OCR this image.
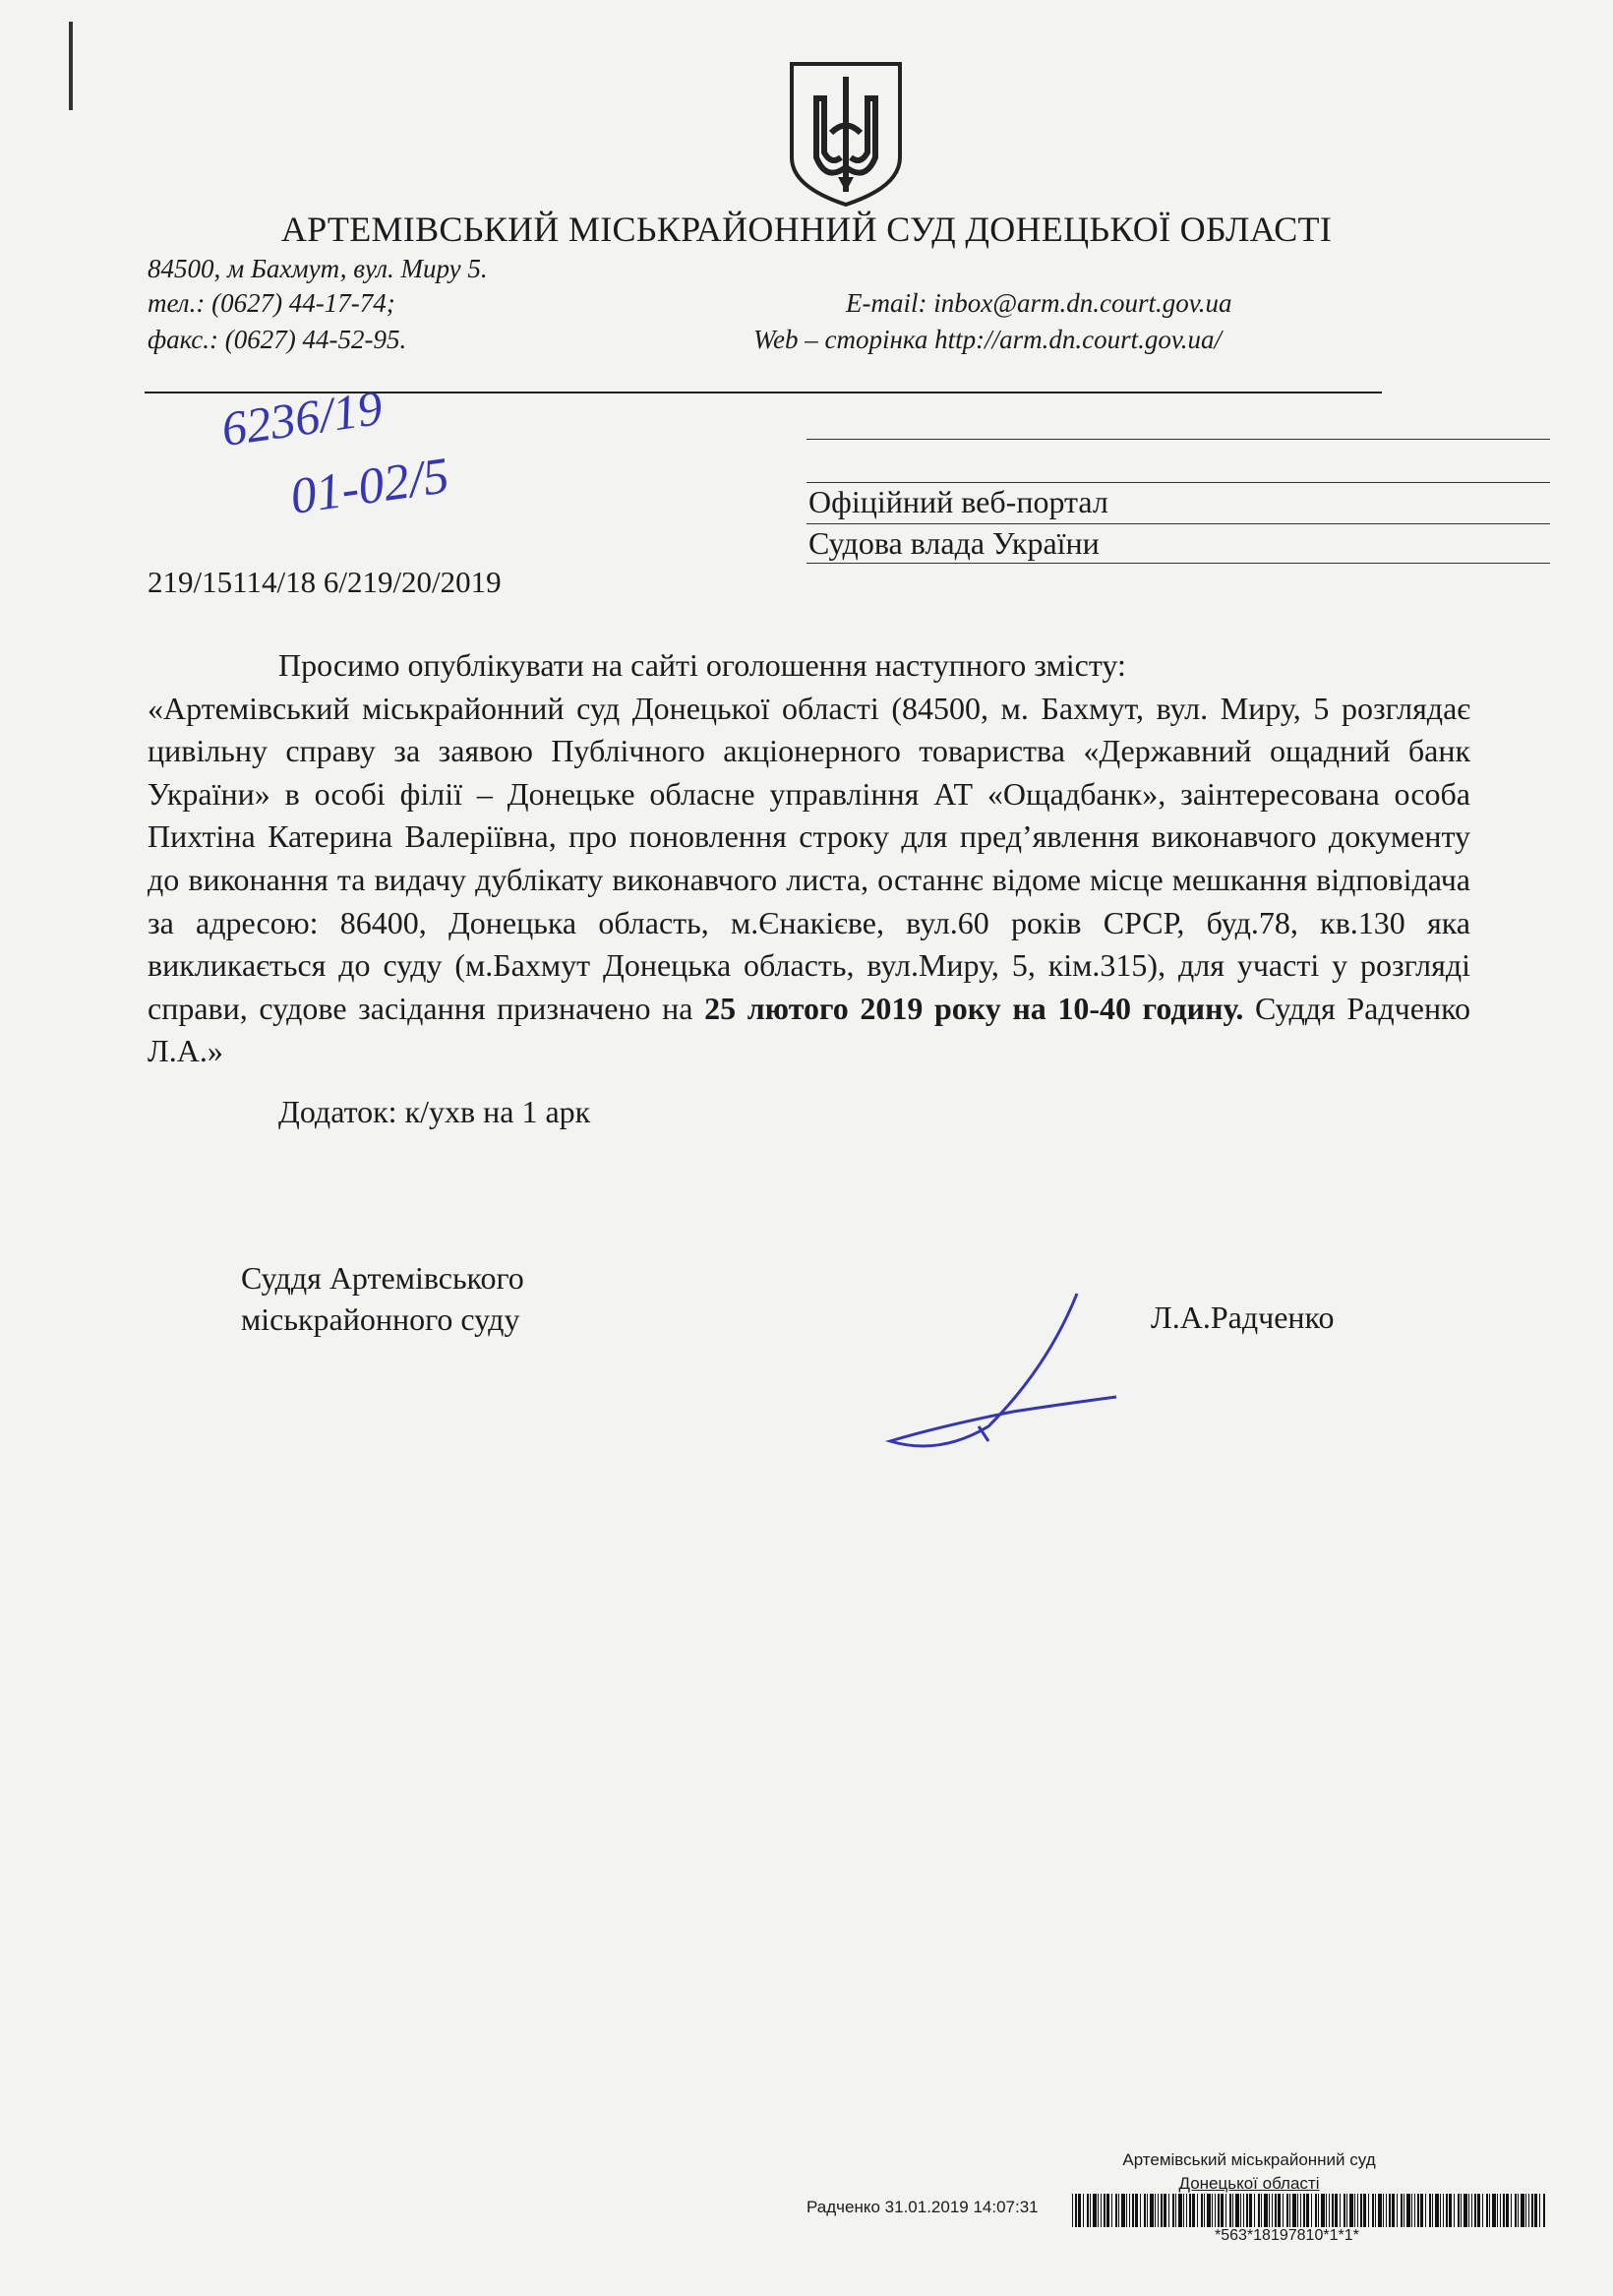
АРТЕМІВСЬКИЙ МІСЬКРАЙОННИЙ СУД ДОНЕЦЬКОЇ ОБЛАСТІ
84500, м Бахмут, вул. Миру 5.
тел.: (0627) 44-17-74;
факс.: (0627) 44-52-95.
E-mail: inbox@arm.dn.court.gov.ua
Web – сторінка http://arm.dn.court.gov.ua/
6236/19
01-02/5	Офіційний веб-портал
Судова влада України
219/15114/18 6/219/20/2019

Просимо опублікувати на сайті оголошення наступного змісту:

«Артемівський міськрайонний суд Донецької області (84500, м. Бахмут, вул. Миру, 5 розглядає цивільну справу за заявою Публічного акціонерного товариства «Державний ощадний банк України» в особі філії – Донецьке обласне управління АТ «Ощадбанк», заінтересована особа Пихтіна Катерина Валеріївна, про поновлення строку для пред’явлення виконавчого документу до виконання та видачу дублікату виконавчого листа, останнє відоме місце мешкання відповідача за адресою: 86400, Донецька область, м.Єнакієве, вул.60 років СРСР, буд.78, кв.130 яка викликається до суду (м.Бахмут Донецька область, вул.Миру, 5, кім.315), для участі у розгляді справи, судове засідання призначено на 25 лютого 2019 року на 10-40 годину. Суддя Радченко Л.А.»

Додаток: к/ухв на 1 арк
Суддя Артемівського
міськрайонного суду	Л.А.Радченко
Артемівський міськрайонний суд
Донецької області
Радченко 31.01.2019 14:07:31
*563*18197810*1*1*
